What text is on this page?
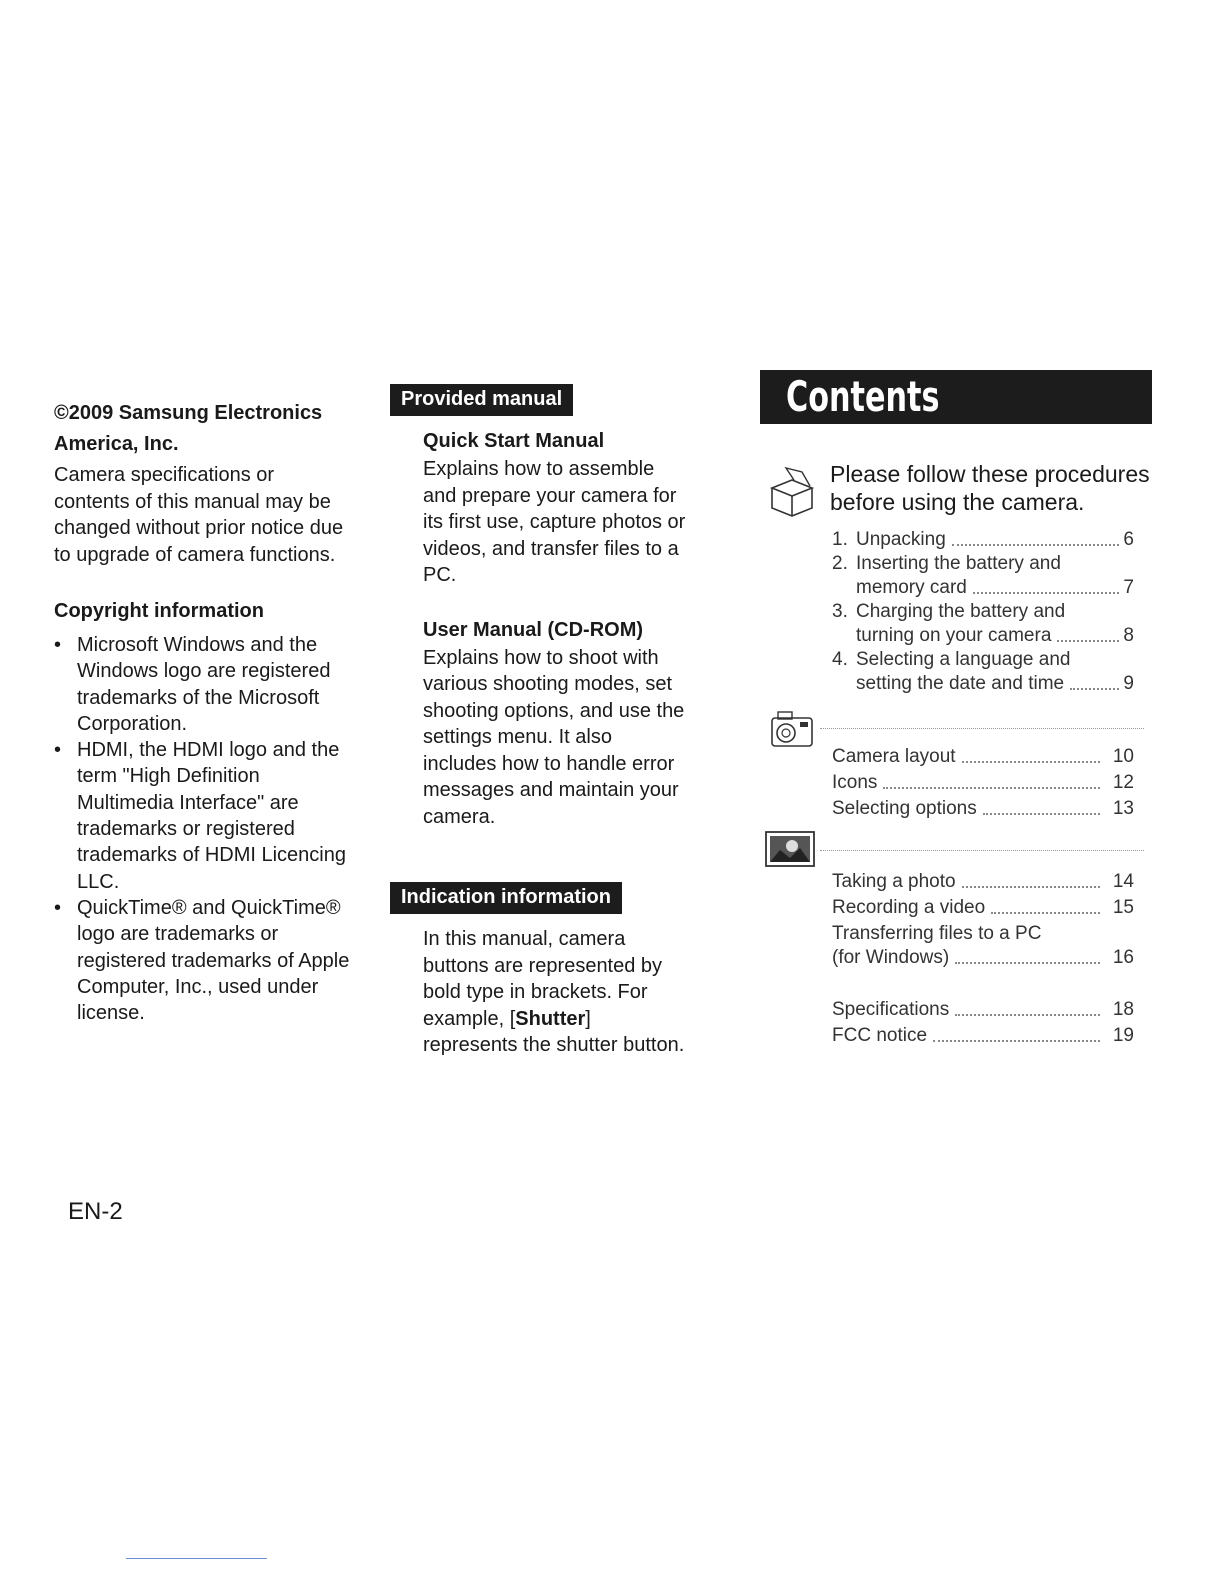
©2009 Samsung Electronics

America, Inc.

Camera specifications or contents of this manual may be changed without prior notice due to upgrade of camera functions.

Copyright information

• Microsoft Windows and the Windows logo are registered trademarks of the Microsoft Corporation.
• HDMI, the HDMI logo and the term "High Definition Multimedia Interface" are trademarks or registered trademarks of HDMI Licencing LLC.
• QuickTime® and QuickTime® logo are trademarks or registered trademarks of Apple Computer, Inc., used under license.
Provided manual

Quick Start Manual

Explains how to assemble and prepare your camera for its first use, capture photos or videos, and transfer files to a PC.

User Manual (CD-ROM)

Explains how to shoot with various shooting modes, set shooting options, and use the settings menu. It also includes how to handle error messages and maintain your camera.

Indication information

In this manual, camera buttons are represented by bold type in brackets. For example, [Shutter] represents the shutter button.

Contents
Please follow these procedures before using the camera.
1. Unpacking	6
2. Inserting the battery and
memory card	7
3. Charging the battery and
turning on your camera	8
4. Selecting a language and
setting the date and time	9
Camera layout	10
Icons	12
Selecting options	13
Taking a photo	14
Recording a video	15
Transferring files to a PC
(for Windows)	16
Specifications	18
FCC notice	19
EN-2
